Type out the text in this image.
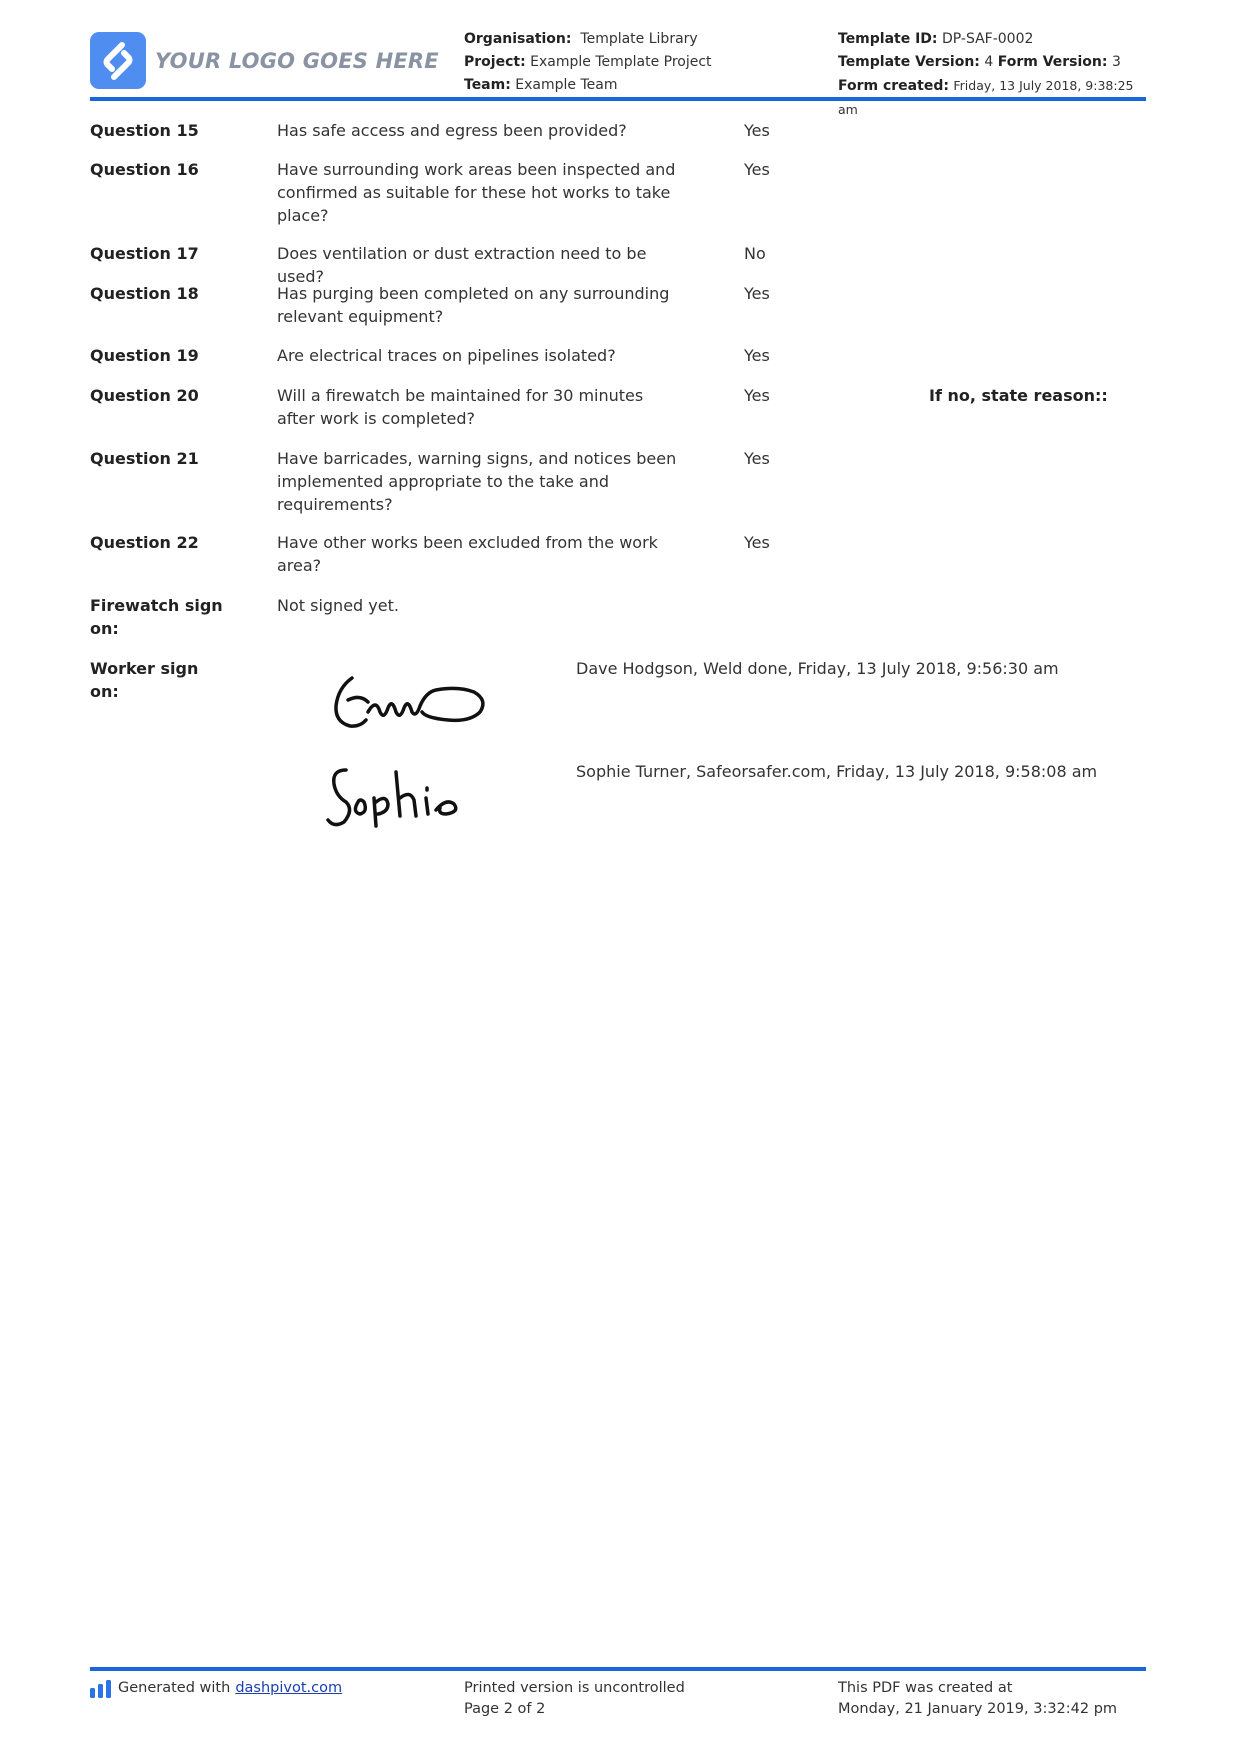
YOUR LOGO GOES HERE
Organisation: Template Library
Project: Example Template Project
Team: Example Team
Template ID: DP-SAF-0002
Template Version: 4 Form Version: 3
Form created: Friday, 13 July 2018, 9:38:25 am
Question 15	Has safe access and egress been provided?	Yes
Question 16	Have surrounding work areas been inspected and confirmed as suitable for these hot works to take place?
Yes
Question 17	Does ventilation or dust extraction need to be used?
No
Question 18	Has purging been completed on any surrounding relevant equipment?
Yes
Question 19	Are electrical traces on pipelines isolated?	Yes
Question 20	Will a firewatch be maintained for 30 minutes after work is completed?
Yes	If no, state reason::
Question 21	Have barricades, warning signs, and notices been implemented appropriate to the take and requirements?
Yes
Question 22	Have other works been excluded from the work area?
Yes
Firewatch sign on:
Not signed yet.
Worker sign on:
Dave Hodgson, Weld done, Friday, 13 July 2018, 9:56:30 am
Sophie Turner, Safeorsafer.com, Friday, 13 July 2018, 9:58:08 am
Generated with dashpivot.com	Printed version is uncontrolled
Page 2 of 2
This PDF was created at
Monday, 21 January 2019, 3:32:42 pm
